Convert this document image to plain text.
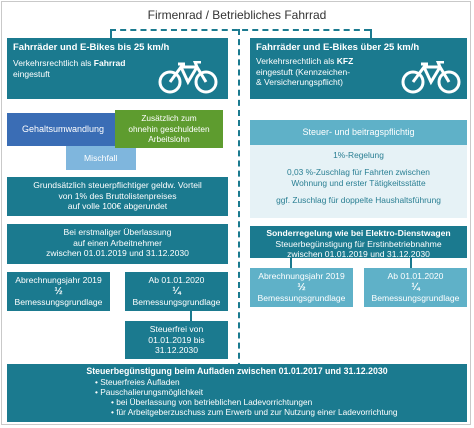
Firmenrad / Betriebliches Fahrrad
Fahrräder und E-Bikes bis 25 km/h
Verkehrsrechtlich als Fahrrad
eingestuft
Fahrräder und E-Bikes über 25 km/h
Verkehrsrechtlich als KFZ
eingestuft (Kennzeichen-
& Versicherungspflicht)
Mischfall
Gehaltsumwandlung
Zusätzlich zum
ohnehin geschuldeten
Arbeitslohn
Grundsätzlich steuerpflichtiger geldw. Vorteil
von 1% des Bruttolistenpreises
auf volle 100€ abgerundet
Bei erstmaliger Überlassung
auf einen Arbeitnehmer
zwischen 01.01.2019 und 31.12.2030
Abrechnungsjahr 2019
½
Bemessungsgrundlage
Ab 01.01.2020
¼
Bemessungsgrundlage
Steuerfrei von
01.01.2019 bis
31.12.2030
Steuer- und beitragspflichtig
1%-Regelung

0,03 %-Zuschlag für Fahrten zwischen
Wohnung und erster Tätigkeitsstätte

ggf. Zuschlag für doppelte Haushaltsführung
Sonderregelung wie bei Elektro-Dienstwagen
Steuerbegünstigung für Erstinbetriebnahme
zwischen 01.01.2019 und 31.12.2030
Abrechnungsjahr 2019
½
Bemessungsgrundlage
Ab 01.01.2020
¼
Bemessungsgrundlage
Steuerbegünstigung beim Aufladen zwischen 01.01.2017 und 31.12.2030
• Steuerfreies Aufladen
• Pauschalierungsmöglichkeit
• bei Überlassung von betrieblichen Ladevorrichtungen
• für Arbeitgeberzuschuss zum Erwerb und zur Nutzung einer Ladevorrichtung
